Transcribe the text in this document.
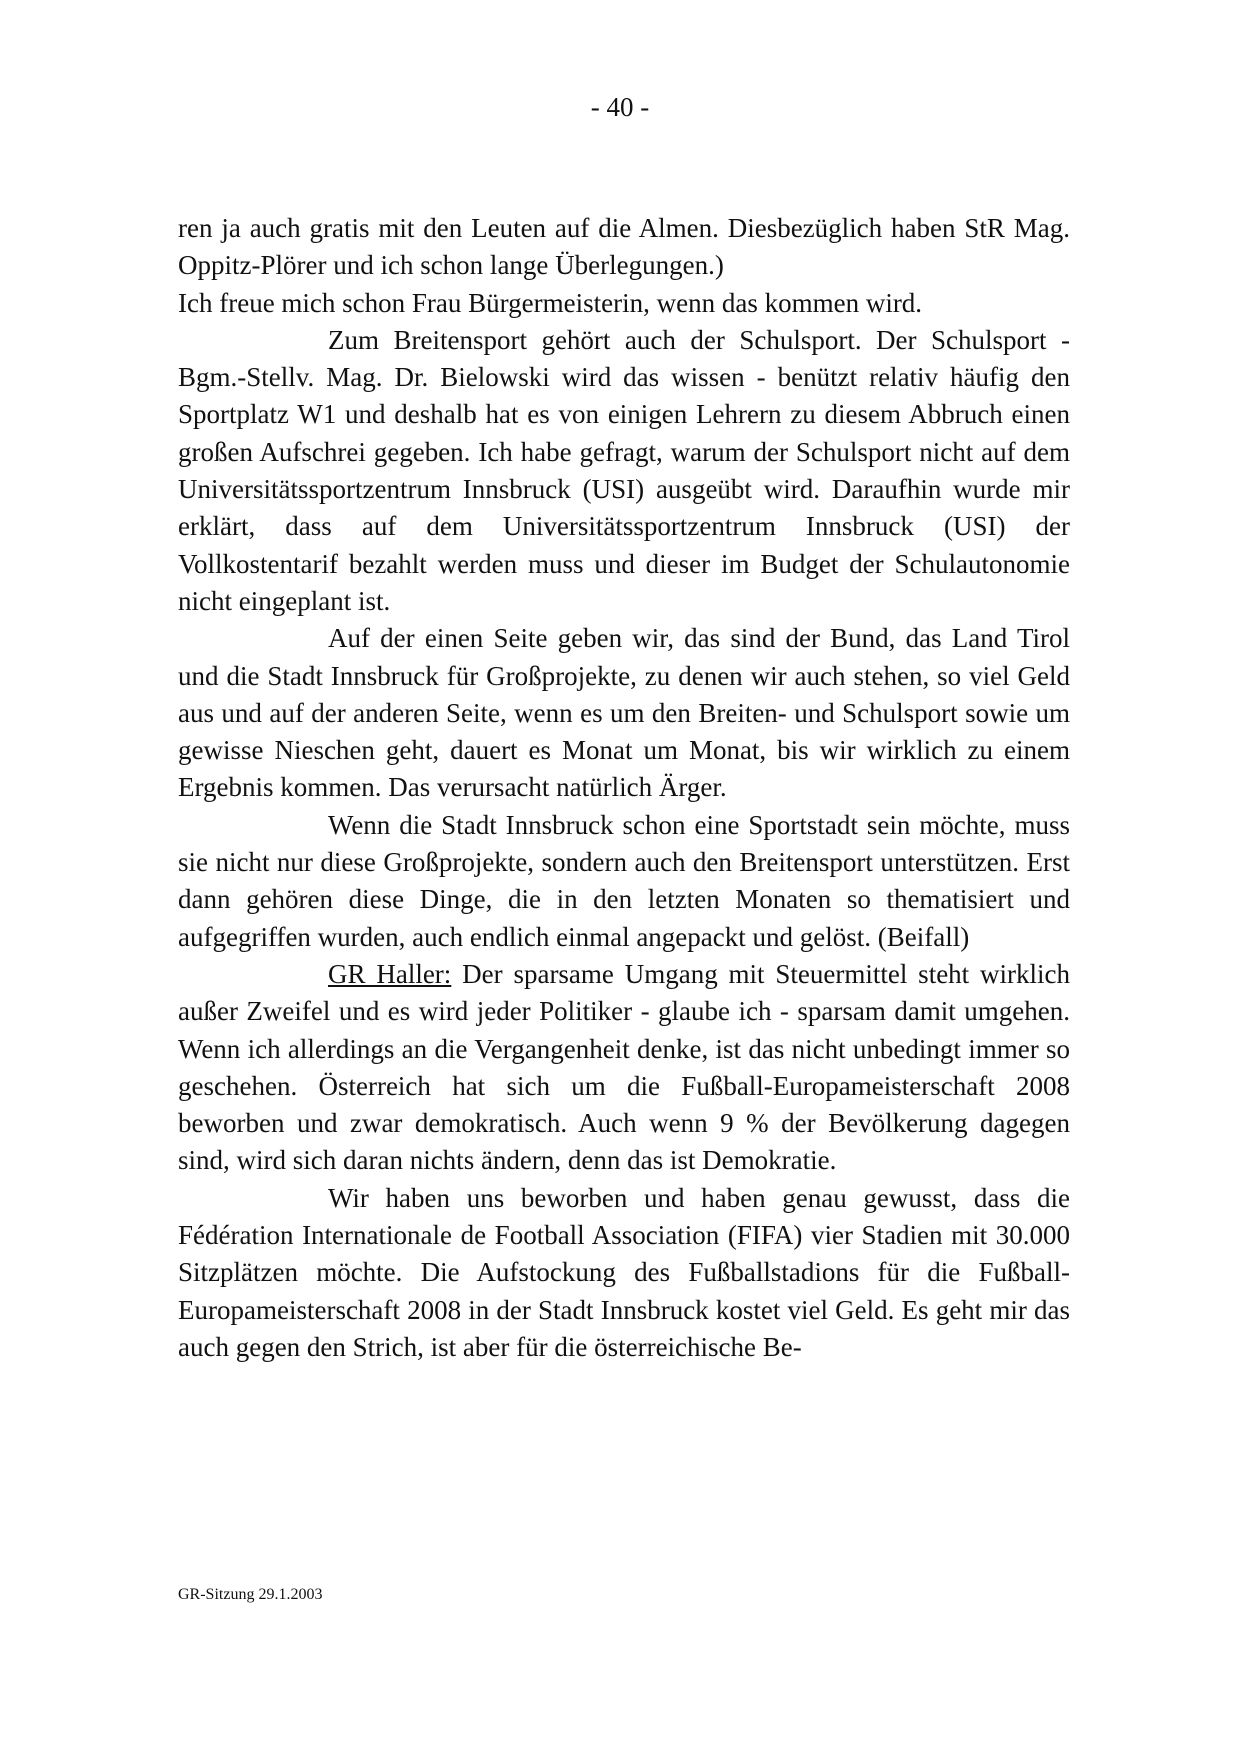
- 40 -

ren ja auch gratis mit den Leuten auf die Almen. Diesbezüglich haben StR Mag. Oppitz-Plörer und ich schon lange Überlegungen.)

Ich freue mich schon Frau Bürgermeisterin, wenn das kommen wird.

Zum Breitensport gehört auch der Schulsport. Der Schulsport - Bgm.-Stellv. Mag. Dr. Bielowski wird das wissen - benützt relativ häufig den Sportplatz W1 und deshalb hat es von einigen Lehrern zu diesem Abbruch einen großen Aufschrei gegeben. Ich habe gefragt, warum der Schulsport nicht auf dem Universitätssportzentrum Innsbruck (USI) ausgeübt wird. Daraufhin wurde mir erklärt, dass auf dem Universitätssportzentrum Innsbruck (USI) der Vollkostentarif bezahlt werden muss und dieser im Budget der Schulautonomie nicht eingeplant ist.

Auf der einen Seite geben wir, das sind der Bund, das Land Tirol und die Stadt Innsbruck für Großprojekte, zu denen wir auch stehen, so viel Geld aus und auf der anderen Seite, wenn es um den Breiten- und Schulsport sowie um gewisse Nieschen geht, dauert es Monat um Monat, bis wir wirklich zu einem Ergebnis kommen. Das verursacht natürlich Ärger.

Wenn die Stadt Innsbruck schon eine Sportstadt sein möchte, muss sie nicht nur diese Großprojekte, sondern auch den Breitensport unterstützen. Erst dann gehören diese Dinge, die in den letzten Monaten so thematisiert und aufgegriffen wurden, auch endlich einmal angepackt und gelöst. (Beifall)

GR Haller: Der sparsame Umgang mit Steuermittel steht wirklich außer Zweifel und es wird jeder Politiker - glaube ich - sparsam damit umgehen. Wenn ich allerdings an die Vergangenheit denke, ist das nicht unbedingt immer so geschehen. Österreich hat sich um die Fußball-Europameisterschaft 2008 beworben und zwar demokratisch. Auch wenn 9 % der Bevölkerung dagegen sind, wird sich daran nichts ändern, denn das ist Demokratie.

Wir haben uns beworben und haben genau gewusst, dass die Fédération Internationale de Football Association (FIFA) vier Stadien mit 30.000 Sitzplätzen möchte. Die Aufstockung des Fußballstadions für die Fußball-Europameisterschaft 2008 in der Stadt Innsbruck kostet viel Geld. Es geht mir das auch gegen den Strich, ist aber für die österreichische Be-

GR-Sitzung 29.1.2003
